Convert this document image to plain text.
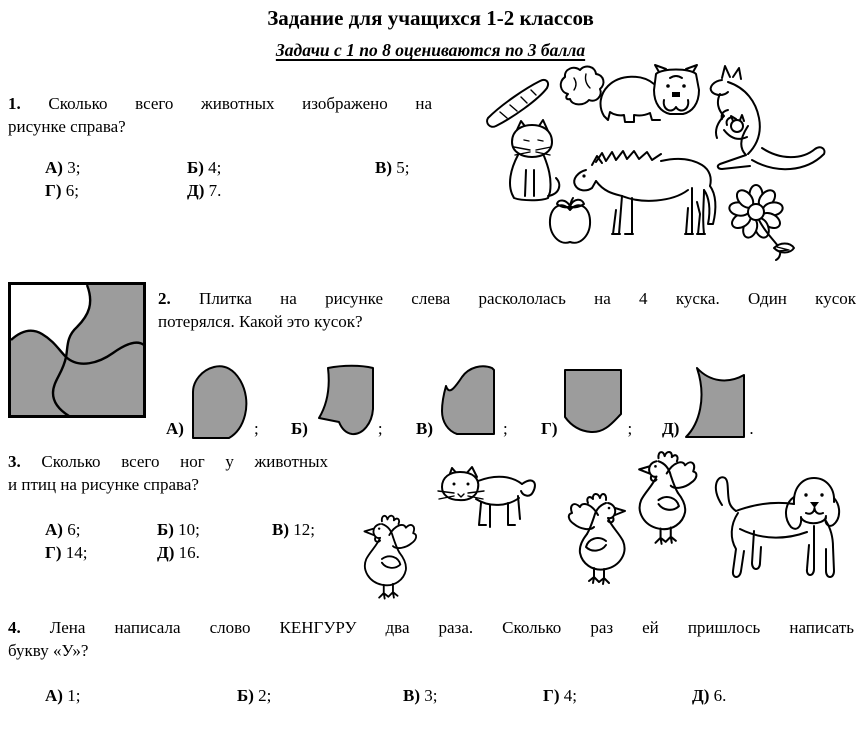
Задание для учащихся 1-2 классов
Задачи с 1 по 8 оцениваются по 3 балла
1. Сколько всего животных изображено на
рисунке справа?
А) 3;	Б) 4;	В) 5;
Г) 6;	Д) 7.
2. Плитка на рисунке слева раскололась на 4 куска. Один кусок
потерялся. Какой это кусок?
А)	; Б)	; В)	; Г)	; Д)	.
3. Сколько всего ног у животных
и птиц на рисунке справа?
А) 6;	Б) 10;	В) 12;
Г) 14;	Д) 16.
4. Лена написала слово КЕНГУРУ два раза. Сколько раз ей пришлось написать
букву «У»?
А) 1;	Б) 2;	В) 3;	Г) 4;	Д) 6.
